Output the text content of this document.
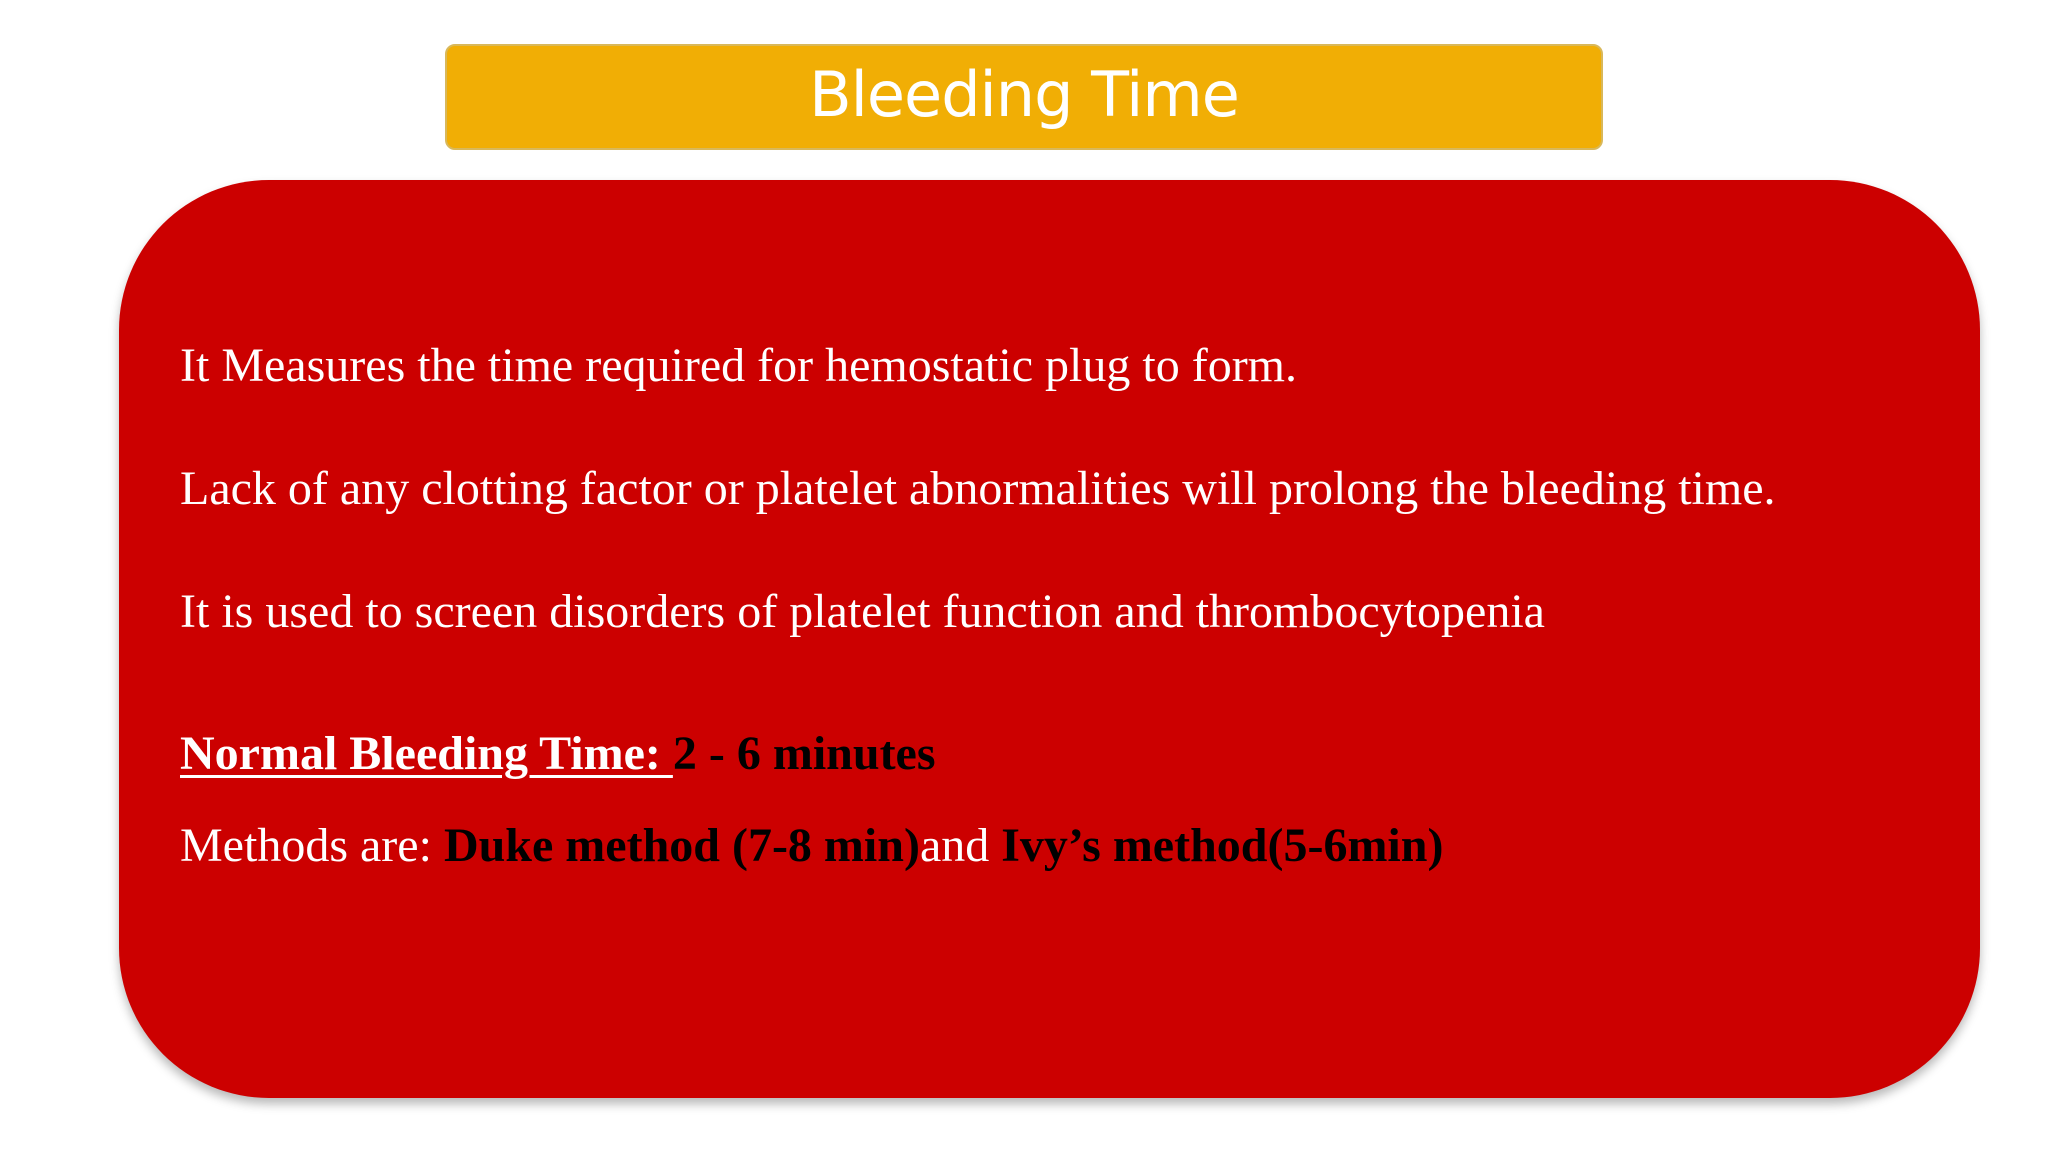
Bleeding Time
It Measures the time required for hemostatic plug to form.
Lack of any clotting factor or platelet abnormalities will prolong the bleeding time.
It is used to screen disorders of platelet function and thrombocytopenia
Normal Bleeding Time: 2 - 6 minutes
Methods are: Duke method (7-8 min)and Ivy’s method(5-6min)
